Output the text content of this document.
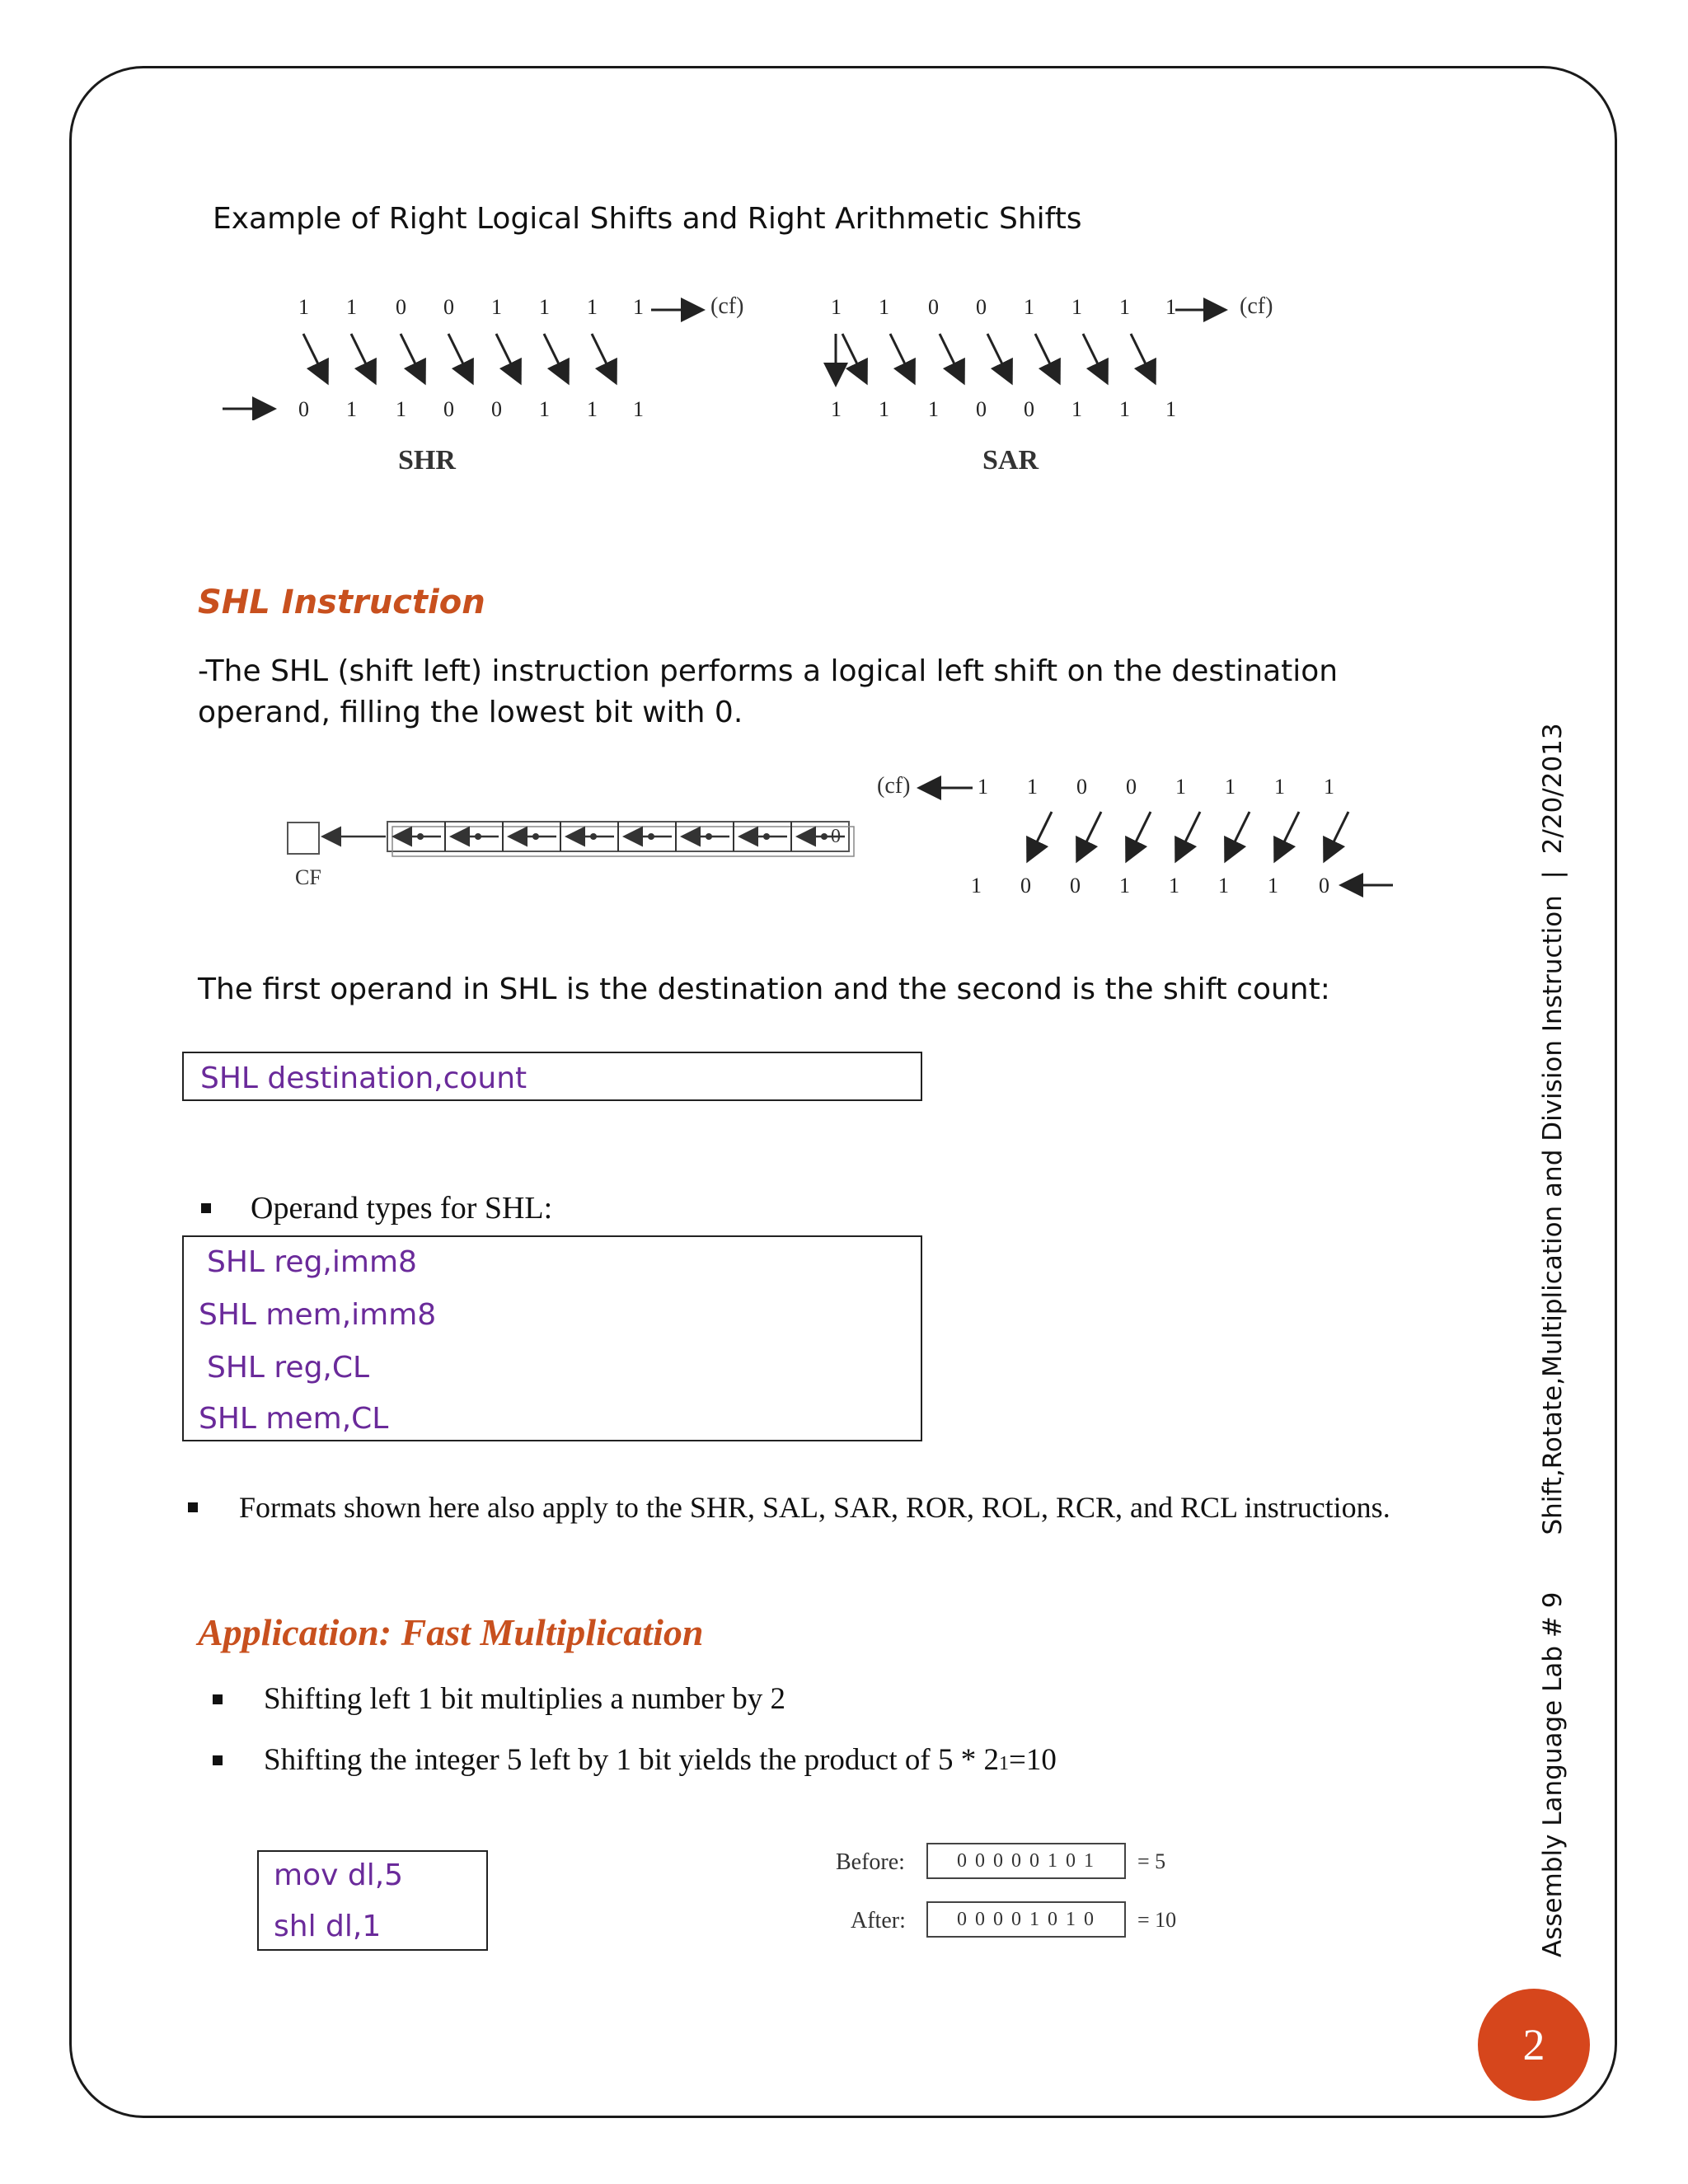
Example of Right Logical Shifts and Right Arithmetic Shifts
1 1 0 0 1 1 1 1	(cf)
0 1 1 0 0 1 1 1
SHR
1 1 0 0 1 1 1 1	(cf)
1 1 1 0 0 1 1 1
SAR
SHL Instruction
-The SHL (shift left) instruction performs a logical left shift on the destination operand, filling the lowest bit with 0.
CF
0
(cf)	1 1 0 0 1 1 1 1
1 0 0 1 1 1 1 0
The first operand in SHL is the destination and the second is the shift count:
SHL destination,count
Operand types for SHL:
SHL reg,imm8
SHL mem,imm8
SHL reg,CL
SHL mem,CL
Formats shown here also apply to the SHR, SAL, SAR, ROR, ROL, RCR, and RCL instructions.
Application: Fast Multiplication
Shifting left 1 bit multiplies a number by 2
Shifting the integer 5 left by 1 bit yields the product of 5 * 21=10
mov dl,5
shl dl,1
Before:	0 0 0 0 0 1 0 1 = 5
After:	0 0 0 0 1 0 1 0 = 10	Assembly Language Lab # 9       Shift,Rotate,Multiplication and Division Instruction  |  2/20/2013
2
